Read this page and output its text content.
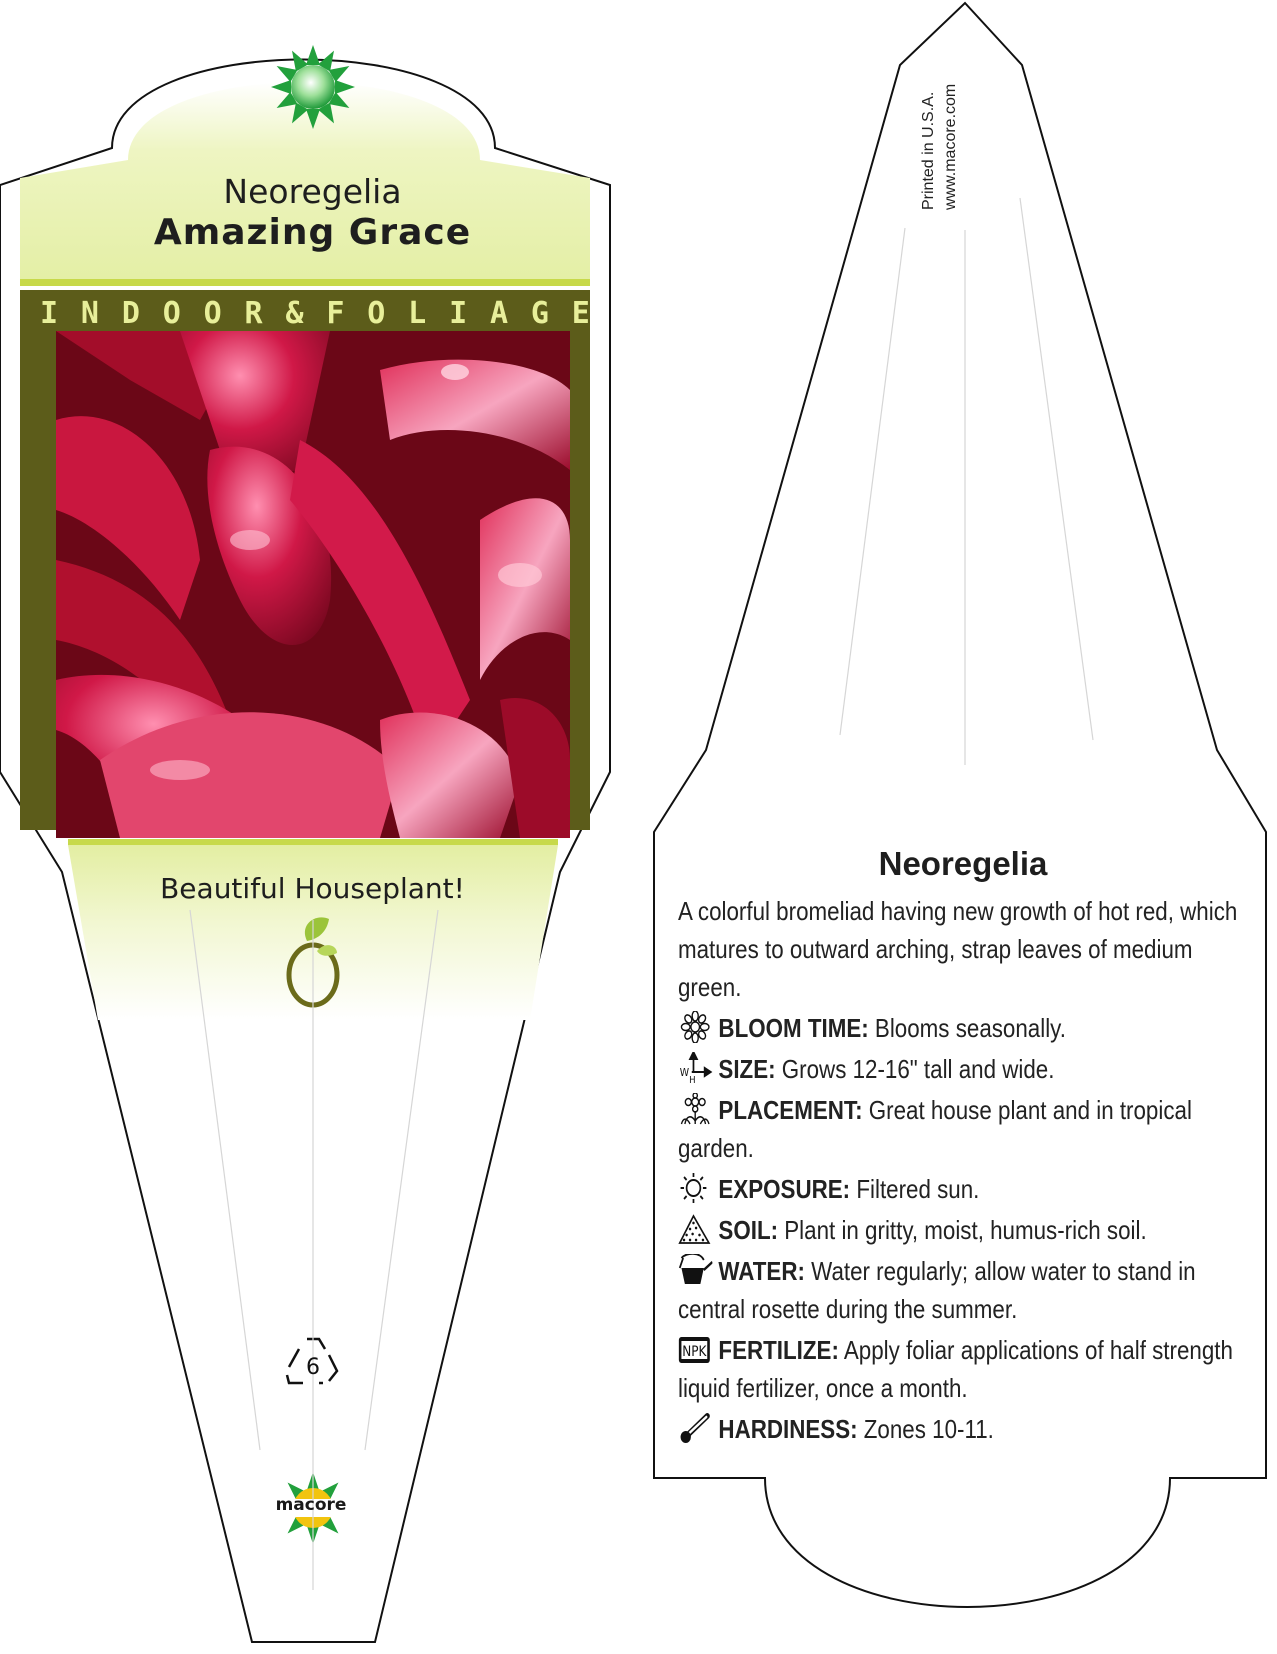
Neoregelia
Amazing Grace
I N D O O R & F O L I A G E
Beautiful Houseplant!
6
macore
Printed in U.S.A. www.macore.com
Neoregelia
A colorful bromeliad having new growth of hot red, which matures to outward arching, strap leaves of medium green.
BLOOM TIME: Blooms seasonally.
W
H SIZE: Grows 12-16" tall and wide.
PLACEMENT: Great house plant and in tropical garden.
EXPOSURE: Filtered sun.
SOIL: Plant in gritty, moist, humus-rich soil.
WATER: Water regularly; allow water to stand in central rosette during the summer.
NPK FERTILIZE: Apply foliar applications of half strength liquid fertilizer, once a month.
HARDINESS: Zones 10-11.
